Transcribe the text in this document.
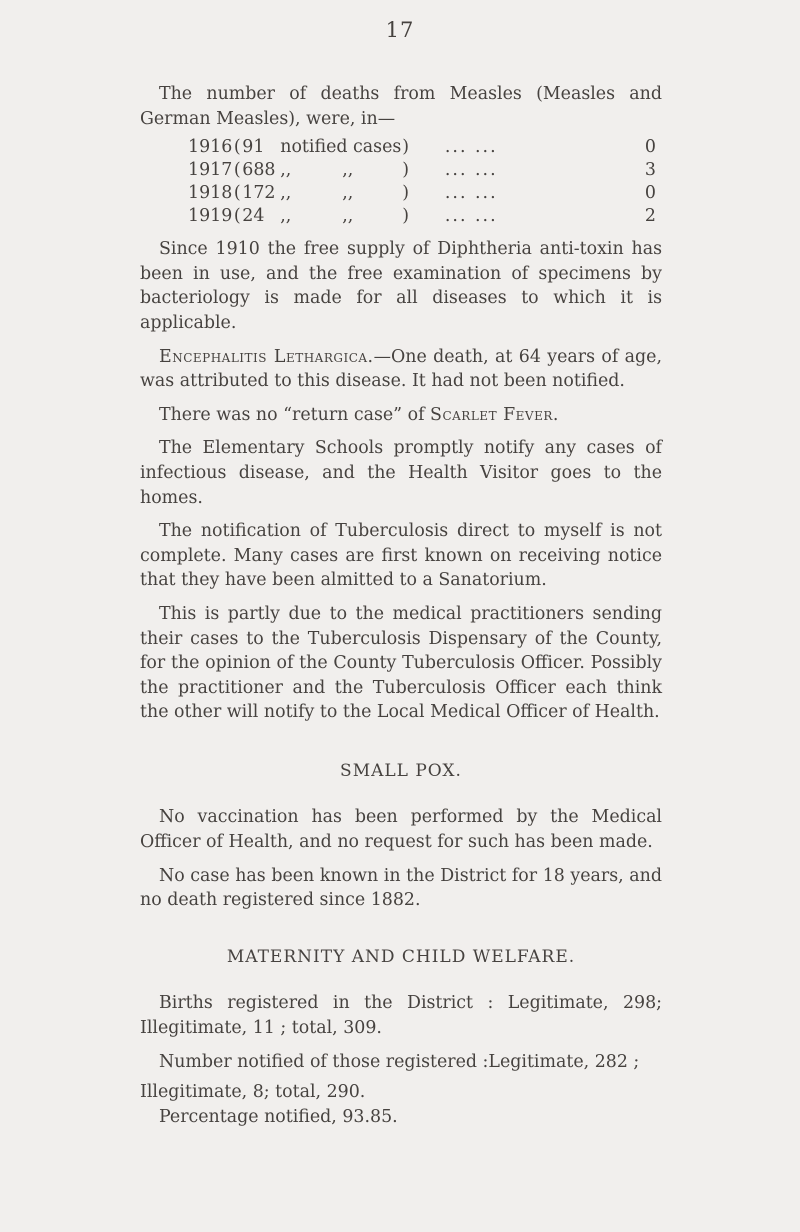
17

The number of deaths from Measles (Measles and German Measles), were, in—

1916	(	91	notified cases		)	... ...	0
1917	(	688	,,	,,	)	... ...	3
1918	(	172	,,	,,	)	... ...	0
1919	(	24	,,	,,	)	... ...	2

Since 1910 the free supply of Diphtheria anti-toxin has been in use, and the free examination of specimens by bacteriology is made for all diseases to which it is applicable.

Encephalitis Lethargica.—One death, at 64 years of age, was attributed to this disease. It had not been notified.

There was no “return case” of Scarlet Fever.

The Elementary Schools promptly notify any cases of infectious disease, and the Health Visitor goes to the homes.

The notification of Tuberculosis direct to myself is not complete. Many cases are first known on receiving notice that they have been almitted to a Sanatorium.

This is partly due to the medical practitioners sending their cases to the Tuberculosis Dispensary of the County, for the opinion of the County Tuberculosis Officer. Possibly the practitioner and the Tuberculosis Officer each think the other will notify to the Local Medical Officer of Health.

SMALL POX.

No vaccination has been performed by the Medical Officer of Health, and no request for such has been made.

No case has been known in the District for 18 years, and no death registered since 1882.

MATERNITY AND CHILD WELFARE.

Births registered in the District : Legitimate, 298; Illegitimate, 11 ; total, 309.

Number notified of those registered :Legitimate, 282 ;

Illegitimate, 8; total, 290.

Percentage notified, 93.85.
